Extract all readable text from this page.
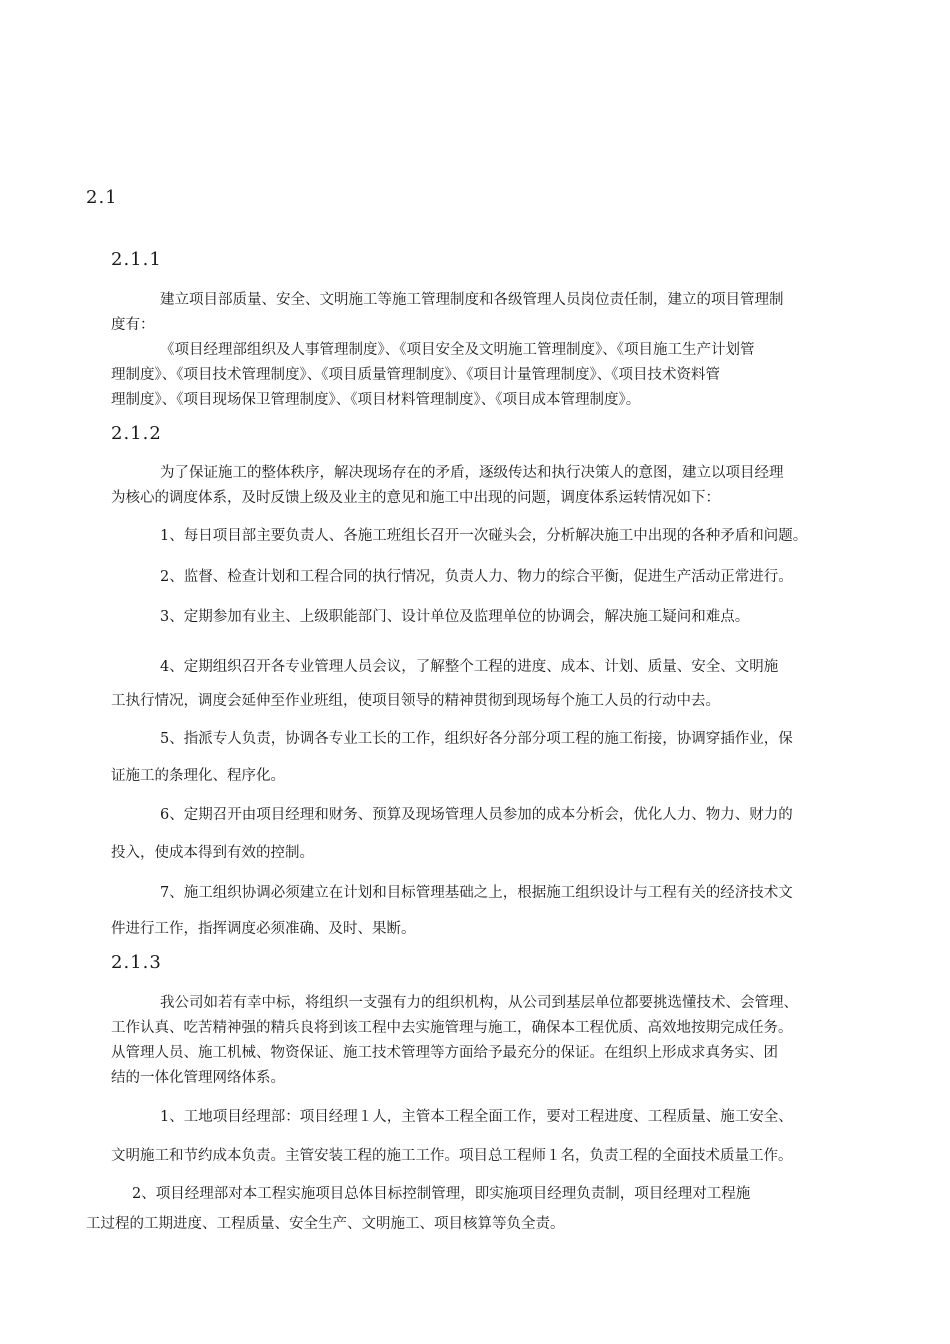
2.1
2.1.1
2.1.2
2.1.3
建立项目部质量、安全、文明施工等施工管理制度和各级管理人员岗位责任制，建立的项目管理制
度有：
《项目经理部组织及人事管理制度》、《项目安全及文明施工管理制度》、《项目施工生产计划管
理制度》、《项目技术管理制度》、《项目质量管理制度》、《项目计量管理制度》、《项目技术资料管
理制度》、《项目现场保卫管理制度》、《项目材料管理制度》、《项目成本管理制度》。
为了保证施工的整体秩序，解决现场存在的矛盾，逐级传达和执行决策人的意图，建立以项目经理
为核心的调度体系，及时反馈上级及业主的意见和施工中出现的问题，调度体系运转情况如下：
1、每日项目部主要负责人、各施工班组长召开一次碰头会，分析解决施工中出现的各种矛盾和问题。
2、监督、检查计划和工程合同的执行情况，负责人力、物力的综合平衡，促进生产活动正常进行。
3、定期参加有业主、上级职能部门、设计单位及监理单位的协调会，解决施工疑问和难点。
4、定期组织召开各专业管理人员会议，了解整个工程的进度、成本、计划、质量、安全、文明施
工执行情况，调度会延伸至作业班组，使项目领导的精神贯彻到现场每个施工人员的行动中去。
5、指派专人负责，协调各专业工长的工作，组织好各分部分项工程的施工衔接，协调穿插作业，保
证施工的条理化、程序化。
6、定期召开由项目经理和财务、预算及现场管理人员参加的成本分析会，优化人力、物力、财力的
投入，使成本得到有效的控制。
7、施工组织协调必须建立在计划和目标管理基础之上，根据施工组织设计与工程有关的经济技术文
件进行工作，指挥调度必须准确、及时、果断。
我公司如若有幸中标，将组织一支强有力的组织机构，从公司到基层单位都要挑选懂技术、会管理、
工作认真、吃苦精神强的精兵良将到该工程中去实施管理与施工，确保本工程优质、高效地按期完成任务。
从管理人员、施工机械、物资保证、施工技术管理等方面给予最充分的保证。在组织上形成求真务实、团
结的一体化管理网络体系。
1、工地项目经理部：项目经理１人，主管本工程全面工作，要对工程进度、工程质量、施工安全、
文明施工和节约成本负责。主管安装工程的施工工作。项目总工程师１名，负责工程的全面技术质量工作。
2、项目经理部对本工程实施项目总体目标控制管理，即实施项目经理负责制，项目经理对工程施
工过程的工期进度、工程质量、安全生产、文明施工、项目核算等负全责。
